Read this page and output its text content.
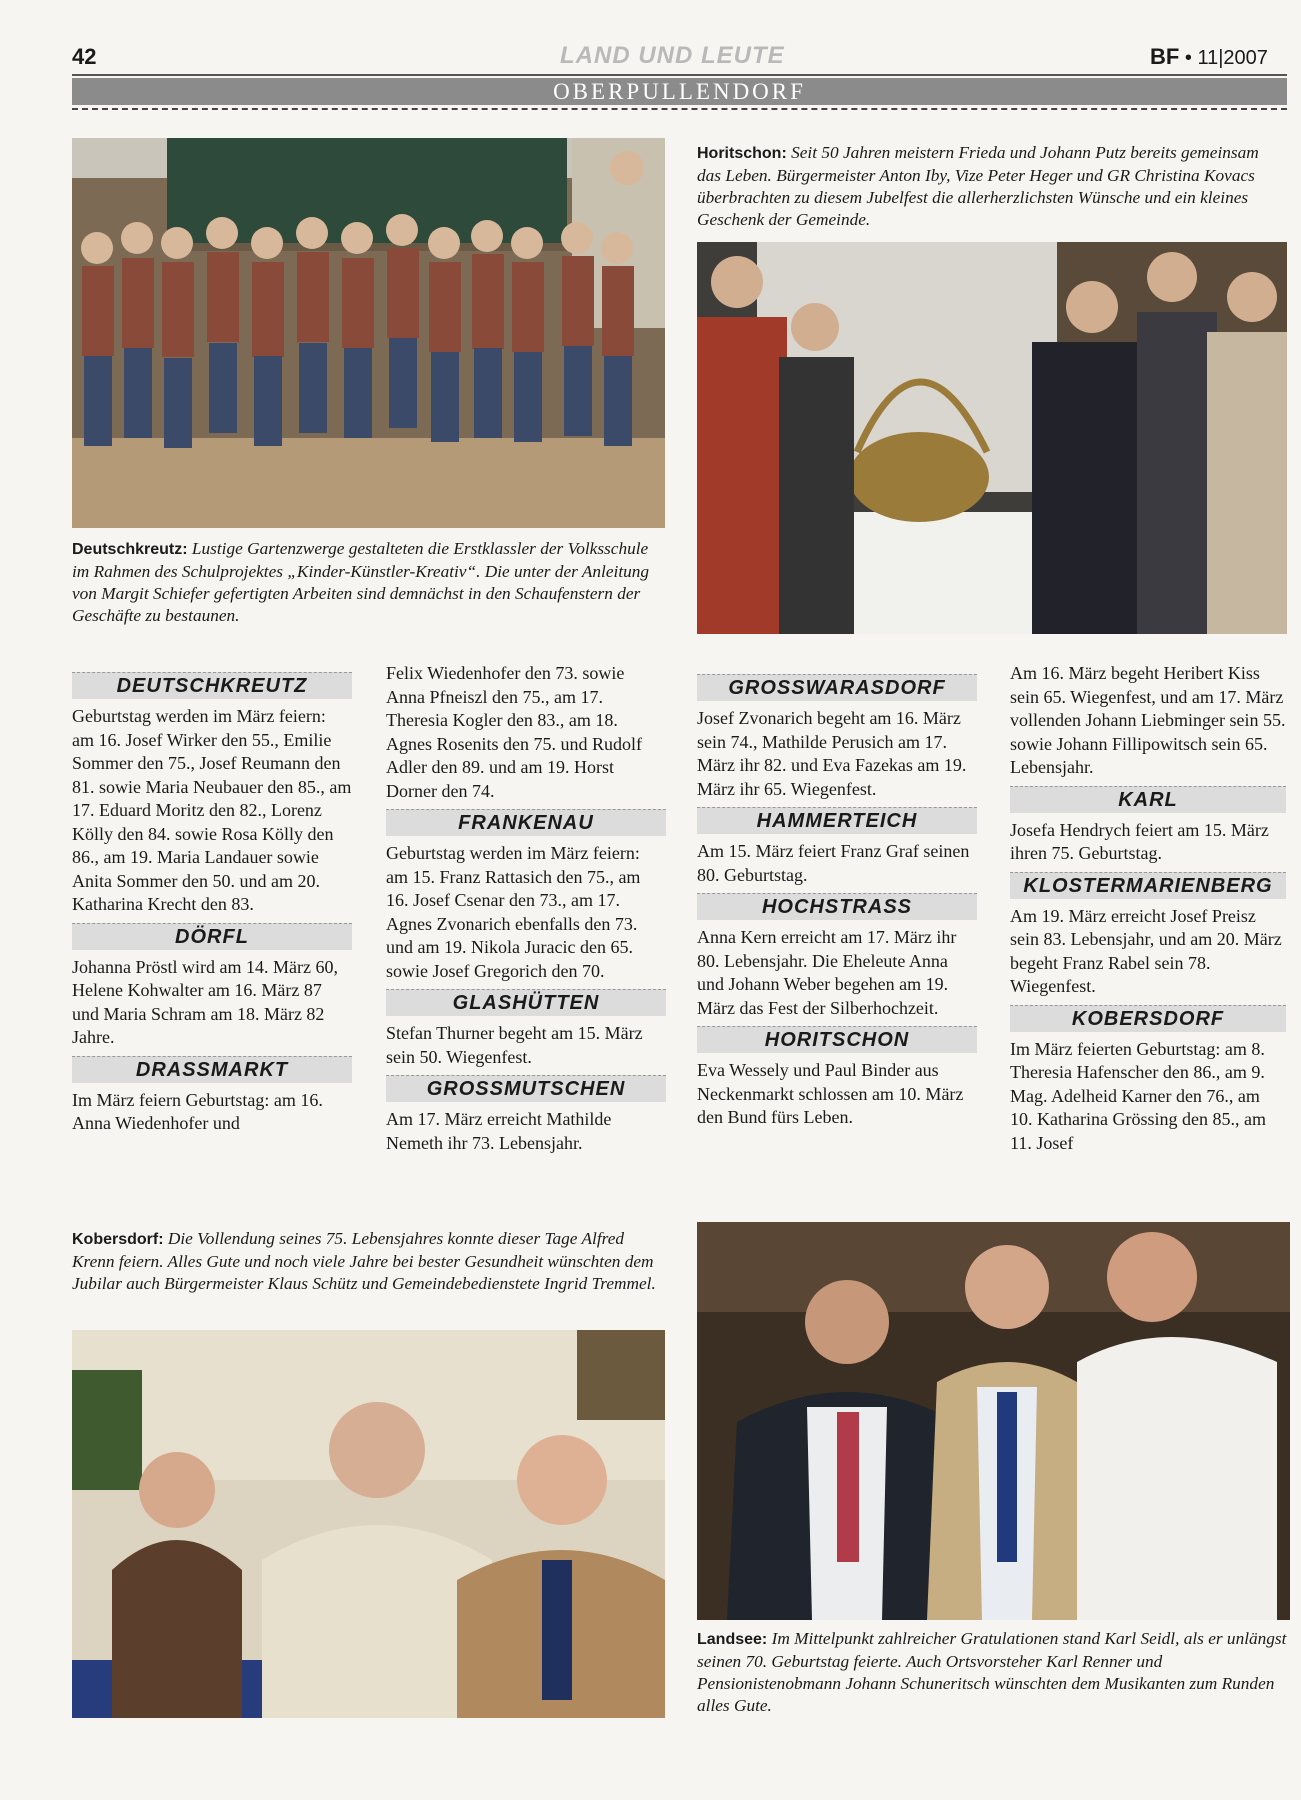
42	LAND UND LEUTE	BF • 11|2007
OBERPULLENDORF
Deutschkreutz: Lustige Gartenzwerge gestalteten die Erstklassler der Volksschule im Rahmen des Schulprojektes „Kinder-Künstler-Kreativ“. Die unter der Anleitung von Margit Schiefer gefertigten Arbeiten sind demnächst in den Schaufenstern der Geschäfte zu bestaunen.
Horitschon: Seit 50 Jahren meistern Frieda und Johann Putz bereits gemeinsam das Leben. Bürgermeister Anton Iby, Vize Peter Heger und GR Christina Kovacs überbrachten zu diesem Jubelfest die allerherzlichsten Wünsche und ein kleines Geschenk der Gemeinde.
DEUTSCHKREUTZ

Geburtstag werden im März feiern: am 16. Josef Wirker den 55., Emilie Sommer den 75., Josef Reumann den 81. sowie Maria Neubauer den 85., am 17. Eduard Moritz den 82., Lorenz Kölly den 84. sowie Rosa Kölly den 86., am 19. Maria Landauer sowie Anita Sommer den 50. und am 20. Katharina Krecht den 83.

DÖRFL

Johanna Pröstl wird am 14. März 60, Helene Kohwalter am 16. März 87 und Maria Schram am 18. März 82 Jahre.

DRASSMARKT

Im März feiern Geburtstag: am 16. Anna Wiedenhofer und

Felix Wiedenhofer den 73. sowie Anna Pfneiszl den 75., am 17. Theresia Kogler den 83., am 18. Agnes Rosenits den 75. und Rudolf Adler den 89. und am 19. Horst Dorner den 74.

FRANKENAU

Geburtstag werden im März feiern: am 15. Franz Rattasich den 75., am 16. Josef Csenar den 73., am 17. Agnes Zvonarich ebenfalls den 73. und am 19. Nikola Juracic den 65. sowie Josef Gregorich den 70.

GLASHÜTTEN

Stefan Thurner begeht am 15. März sein 50. Wiegenfest.

GROSSMUTSCHEN

Am 17. März erreicht Mathilde Nemeth ihr 73. Lebensjahr.

GROSSWARASDORF

Josef Zvonarich begeht am 16. März sein 74., Mathilde Perusich am 17. März ihr 82. und Eva Fazekas am 19. März ihr 65. Wiegenfest.

HAMMERTEICH

Am 15. März feiert Franz Graf seinen 80. Geburtstag.

HOCHSTRASS

Anna Kern erreicht am 17. März ihr 80. Lebensjahr. Die Eheleute Anna und Johann Weber begehen am 19. März das Fest der Silberhochzeit.

HORITSCHON

Eva Wessely und Paul Binder aus Neckenmarkt schlossen am 10. März den Bund fürs Leben.

Am 16. März begeht Heribert Kiss sein 65. Wiegenfest, und am 17. März vollenden Johann Liebminger sein 55. sowie Johann Fillipowitsch sein 65. Lebensjahr.

KARL

Josefa Hendrych feiert am 15. März ihren 75. Geburtstag.

KLOSTERMARIENBERG

Am 19. März erreicht Josef Preisz sein 83. Lebensjahr, und am 20. März begeht Franz Rabel sein 78. Wiegenfest.

KOBERSDORF

Im März feierten Geburtstag: am 8. Theresia Hafenscher den 86., am 9. Mag. Adelheid Karner den 76., am 10. Katharina Grössing den 85., am 11. Josef

Kobersdorf: Die Vollendung seines 75. Lebensjahres konnte dieser Tage Alfred Krenn feiern. Alles Gute und noch viele Jahre bei bester Gesundheit wünschten dem Jubilar auch Bürgermeister Klaus Schütz und Gemeindebedienstete Ingrid Tremmel.
Landsee: Im Mittelpunkt zahlreicher Gratulationen stand Karl Seidl, als er unlängst seinen 70. Geburtstag feierte. Auch Ortsvorsteher Karl Renner und Pensionistenobmann Johann Schuneritsch wünschten dem Musikanten zum Runden alles Gute.
